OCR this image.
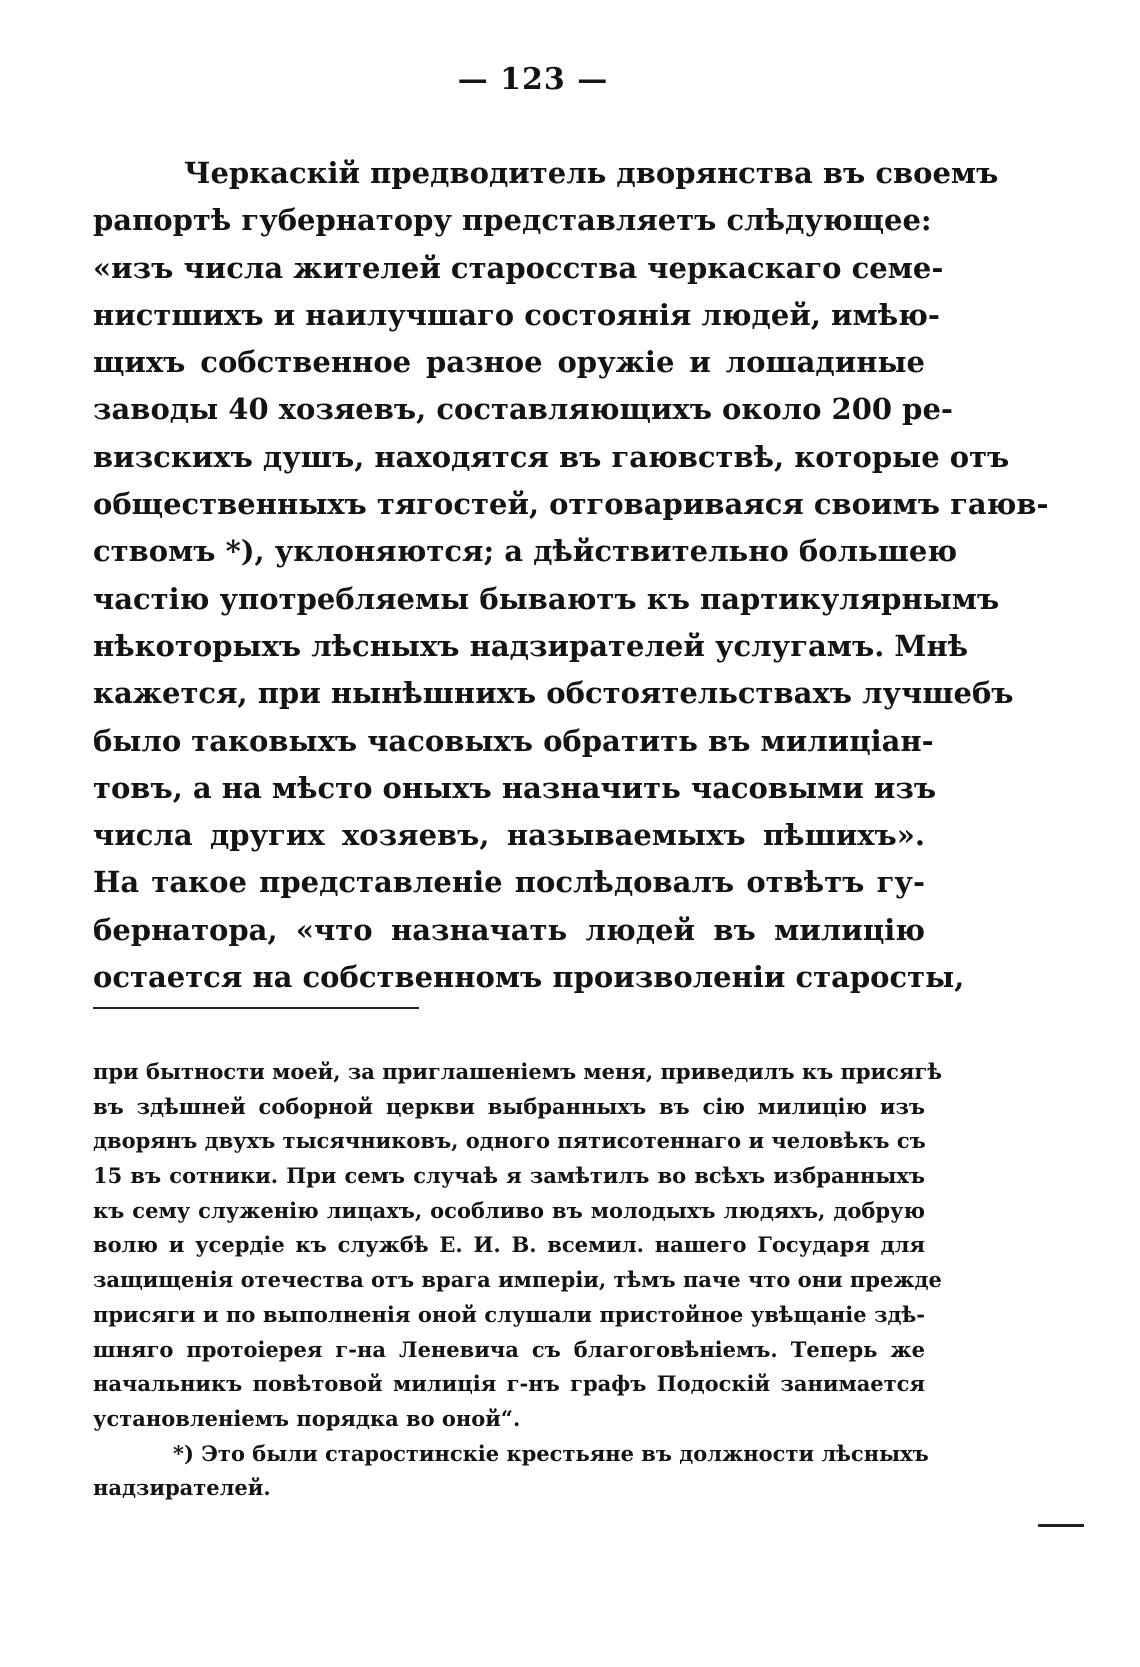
— 123 —
Черкаскій предводитель дворянства въ своемъ
рапортѣ губернатору представляетъ слѣдующее:
«изъ числа жителей старосства черкаскаго семе-
нистшихъ и наилучшаго состоянія людей, имѣю-
щихъ собственное разное оружіе и лошадиные
заводы 40 хозяевъ, составляющихъ около 200 ре-
визскихъ душъ, находятся въ гаювствѣ, которые отъ
общественныхъ тягостей, отговариваяся своимъ гаюв-
ствомъ *), уклоняются; а дѣйствительно большею
частію употребляемы бываютъ къ партикулярнымъ
нѣкоторыхъ лѣсныхъ надзирателей услугамъ. Мнѣ
кажется, при нынѣшнихъ обстоятельствахъ лучшебъ
было таковыхъ часовыхъ обратить въ милиціан-
товъ, а на мѣсто оныхъ назначить часовыми изъ
числа других хозяевъ, называемыхъ пѣшихъ».
На такое представленіе послѣдовалъ отвѣтъ гу-
бернатора, «что назначать людей въ милицію
остается на собственномъ произволеніи старосты,
при бытности моей, за приглашеніемъ меня, приведилъ къ присягѣ
въ здѣшней соборной церкви выбранныхъ въ сію милицію изъ
дворянъ двухъ тысячниковъ, одного пятисотеннаго и человѣкъ съ
15 въ сотники. При семъ случаѣ я замѣтилъ во всѣхъ избранныхъ
къ сему служенію лицахъ, особливо въ молодыхъ людяхъ, добрую
волю и усердіе къ службѣ Е. И. В. всемил. нашего Государя для
защищенія отечества отъ врага имперіи, тѣмъ паче что они прежде
присяги и по выполненія оной слушали пристойное увѣщаніе здѣ-
шняго протоіерея г-на Леневича съ благоговѣніемъ. Теперь же
начальникъ повѣтовой милиція г-нъ графъ Подоскій занимается
установленіемъ порядка во оной“.
*) Это были старостинскіе крестьяне въ должности лѣсныхъ
надзирателей.
